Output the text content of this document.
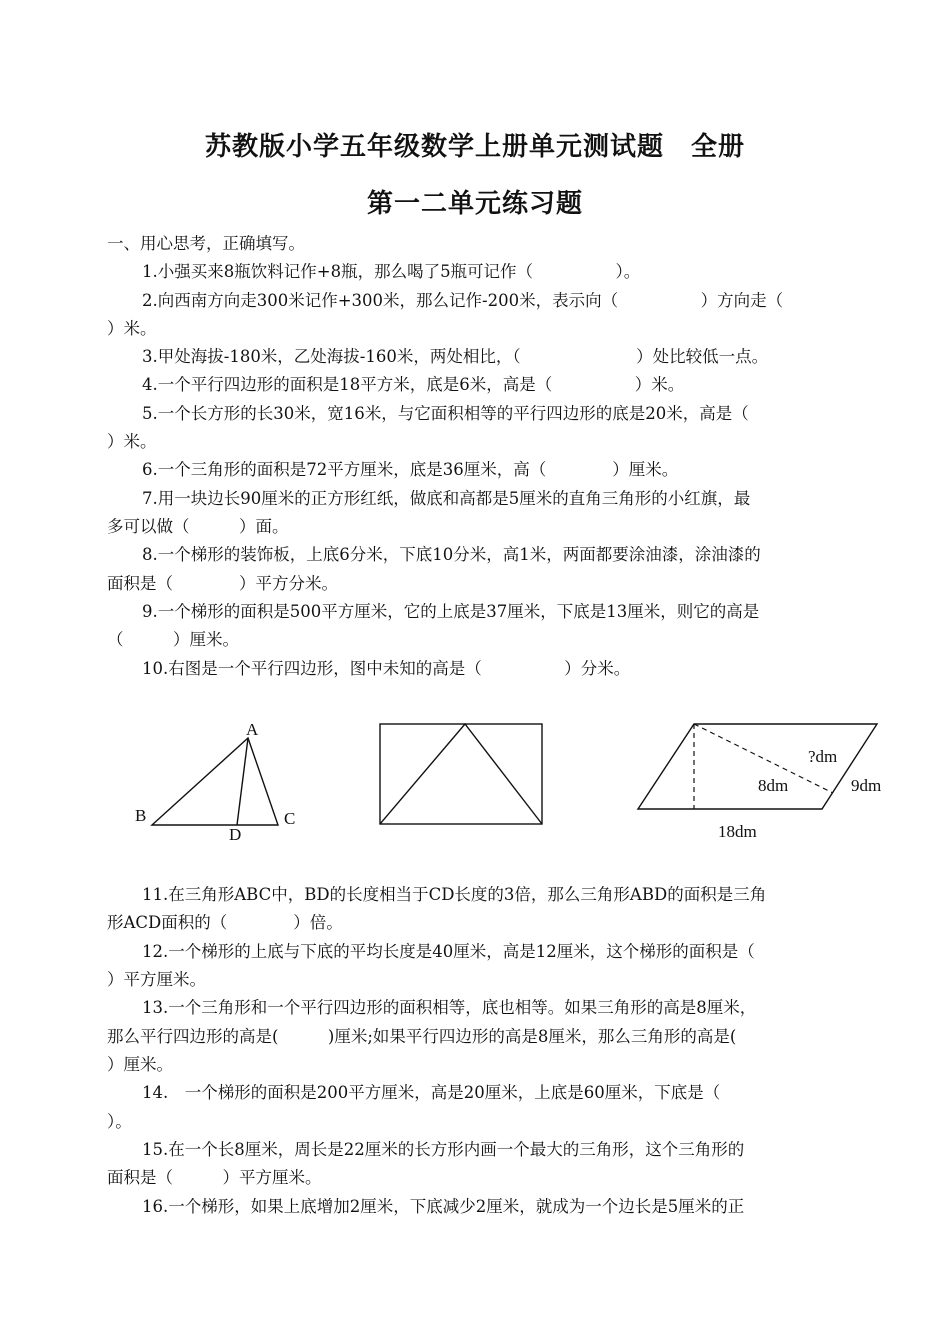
苏教版小学五年级数学上册单元测试题　全册
第一二单元练习题
一、用心思考，正确填写。
1.小强买来8瓶饮料记作+8瓶，那么喝了5瓶可记作（　　　　　）。
2.向西南方向走300米记作+300米，那么记作-200米，表示向（　　　　　）方向走（
）米。
3.甲处海拔-180米，乙处海拔-160米，两处相比，（　　　　　　　）处比较低一点。
4.一个平行四边形的面积是18平方米，底是6米，高是（　　　　　）米。
5.一个长方形的长30米，宽16米，与它面积相等的平行四边形的底是20米，高是（
）米。
6.一个三角形的面积是72平方厘米，底是36厘米，高（　　　　）厘米。
7.用一块边长90厘米的正方形红纸，做底和高都是5厘米的直角三角形的小红旗，最
多可以做（　　　）面。
8.一个梯形的装饰板，上底6分米，下底10分米，高1米，两面都要涂油漆，涂油漆的
面积是（　　　　）平方分米。
9.一个梯形的面积是500平方厘米，它的上底是37厘米，下底是13厘米，则它的高是
（　　　）厘米。
10.右图是一个平行四边形，图中未知的高是（　　　　　）分米。
A
B	C
D
?dm
8dm	9dm
18dm
11.在三角形ABC中，BD的长度相当于CD长度的3倍，那么三角形ABD的面积是三角
形ACD面积的（　　　　）倍。
12.一个梯形的上底与下底的平均长度是40厘米，高是12厘米，这个梯形的面积是（
）平方厘米。
13.一个三角形和一个平行四边形的面积相等，底也相等。如果三角形的高是8厘米，
那么平行四边形的高是(　　　)厘米;如果平行四边形的高是8厘米，那么三角形的高是(
）厘米。
14.　一个梯形的面积是200平方厘米，高是20厘米，上底是60厘米，下底是（
）。
15.在一个长8厘米，周长是22厘米的长方形内画一个最大的三角形，这个三角形的
面积是（　　　）平方厘米。
16.一个梯形，如果上底增加2厘米，下底减少2厘米，就成为一个边长是5厘米的正
